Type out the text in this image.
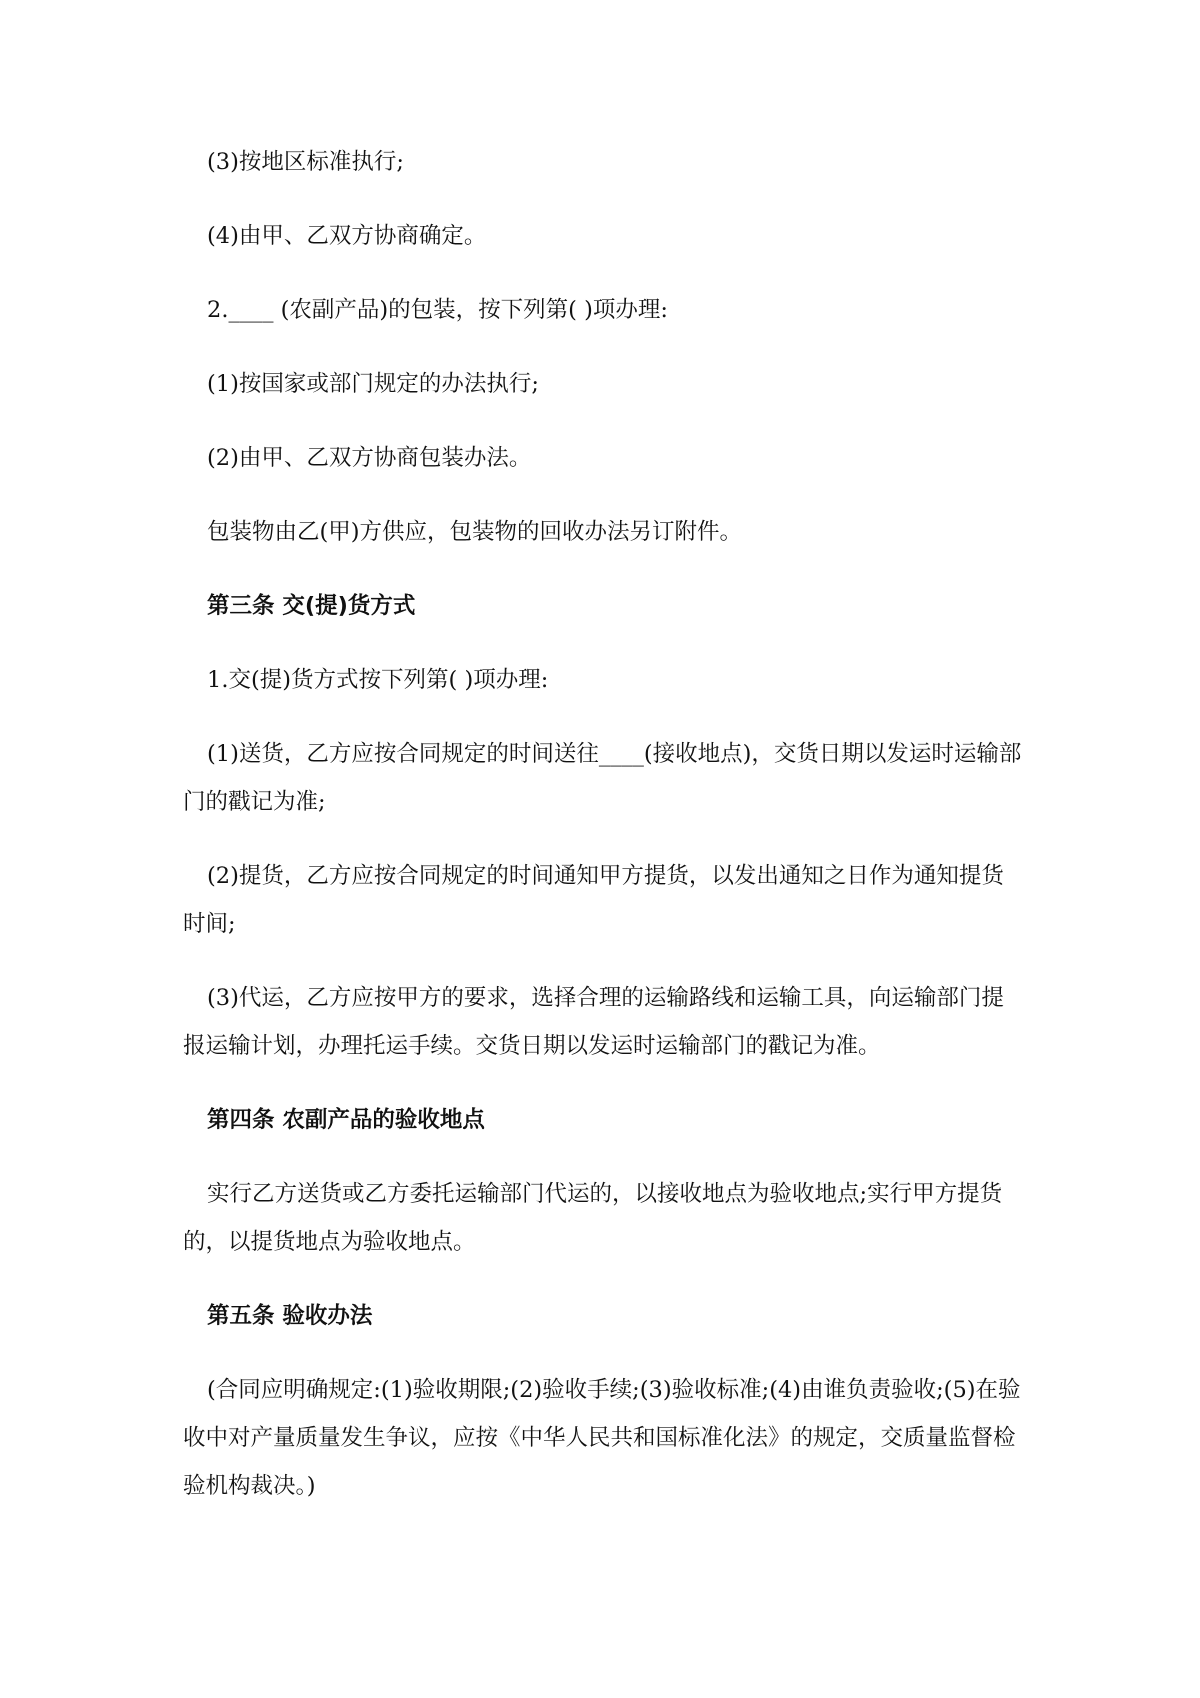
(3)按地区标准执行;

(4)由甲、乙双方协商确定。

2.____ (农副产品)的包装，按下列第( )项办理:

(1)按国家或部门规定的办法执行;

(2)由甲、乙双方协商包装办法。

包装物由乙(甲)方供应，包装物的回收办法另订附件。

第三条 交(提)货方式

1.交(提)货方式按下列第( )项办理:

(1)送货，乙方应按合同规定的时间送往____(接收地点)，交货日期以发运时运输部门的戳记为准;

(2)提货，乙方应按合同规定的时间通知甲方提货，以发出通知之日作为通知提货时间;

(3)代运，乙方应按甲方的要求，选择合理的运输路线和运输工具，向运输部门提报运输计划，办理托运手续。交货日期以发运时运输部门的戳记为准。

第四条 农副产品的验收地点

实行乙方送货或乙方委托运输部门代运的，以接收地点为验收地点;实行甲方提货的，以提货地点为验收地点。

第五条 验收办法

(合同应明确规定:(1)验收期限;(2)验收手续;(3)验收标准;(4)由谁负责验收;(5)在验收中对产量质量发生争议，应按《中华人民共和国标准化法》的规定，交质量监督检验机构裁决。)
